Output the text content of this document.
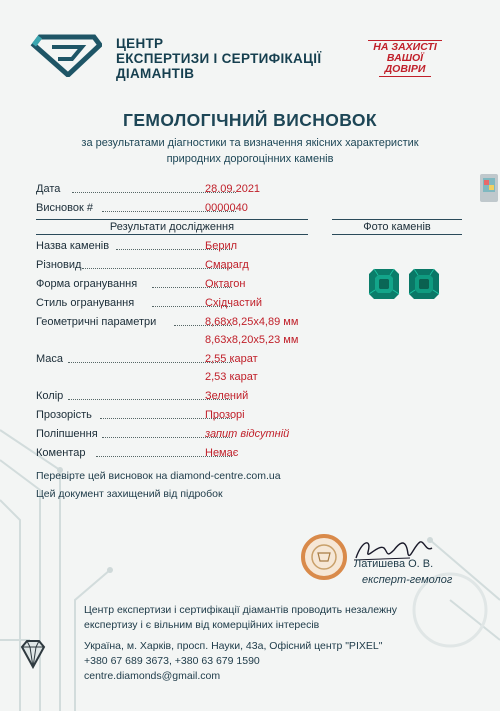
ЦЕНТР
ЕКСПЕРТИЗИ І СЕРТИФІКАЦІЇ
ДІАМАНТІВ
НА ЗАХИСТІ
ВАШОЇ
ДОВІРИ
ГЕМОЛОГІЧНИЙ ВИСНОВОК
за результатами діагностики та визначення якісних характеристик
природних дорогоцінних каменів
Дата	28.09.2021
Висновок #	0000040
Результати дослідження	Фото каменів
Назва каменів	Берил
Різновид	Смарагд
Форма огранування	Октагон
Стиль огранування	Східчастий
Геометричні параметри	8,68х8,25х4,89 мм
8,63х8,20х5,23 мм
Маса	2,55 карат
2,53 карат
Колір	Зелений
Прозорість	Прозорі
Поліпшення	запит відсутній
Коментар	Немає
Перевірте цей висновок на diamond-centre.com.ua
Цей документ захищений від підробок
Латишева О. В.
експерт-гемолог
Центр експертизи і сертифікації діамантів проводить незалежну
експертизу і є вільним від комерційних інтересів
Україна, м. Харків, просп. Науки, 43а, Офісний центр "PIXEL"
+380 67 689 3673, +380 63 679 1590
centre.diamonds@gmail.com
